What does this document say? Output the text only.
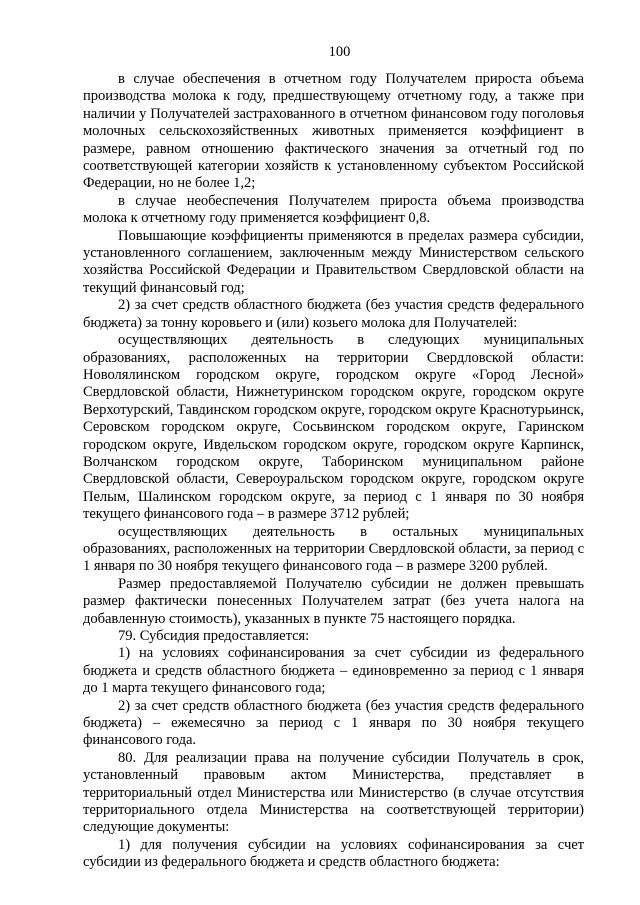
100

в случае обеспечения в отчетном году Получателем прироста объема производства молока к году, предшествующему отчетному году, а также при наличии у Получателей застрахованного в отчетном финансовом году поголовья молочных сельскохозяйственных животных применяется коэффициент в размере, равном отношению фактического значения за отчетный год по соответствующей категории хозяйств к установленному субъектом Российской Федерации, но не более 1,2;

в случае необеспечения Получателем прироста объема производства молока к отчетному году применяется коэффициент 0,8.

Повышающие коэффициенты применяются в пределах размера субсидии, установленного соглашением, заключенным между Министерством сельского хозяйства Российской Федерации и Правительством Свердловской области на текущий финансовый год;

2) за счет средств областного бюджета (без участия средств федерального бюджета) за тонну коровьего и (или) козьего молока для Получателей:

осуществляющих деятельность в следующих муниципальных образованиях, расположенных на территории Свердловской области: Новолялинском городском округе, городском округе «Город Лесной» Свердловской области, Нижнетуринском городском округе, городском округе Верхотурский, Тавдинском городском округе, городском округе Краснотурьинск, Серовском городском округе, Сосьвинском городском округе, Гаринском городском округе, Ивдельском городском округе, городском округе Карпинск, Волчанском городском округе, Таборинском муниципальном районе Свердловской области, Североуральском городском округе, городском округе Пелым, Шалинском городском округе, за период с 1 января по 30 ноября текущего финансового года – в размере 3712 рублей;

осуществляющих деятельность в остальных муниципальных образованиях, расположенных на территории Свердловской области, за период с 1 января по 30 ноября текущего финансового года – в размере 3200 рублей.

Размер предоставляемой Получателю субсидии не должен превышать размер фактически понесенных Получателем затрат (без учета налога на добавленную стоимость), указанных в пункте 75 настоящего порядка.

79. Субсидия предоставляется:

1) на условиях софинансирования за счет субсидии из федерального бюджета и средств областного бюджета – единовременно за период с 1 января до 1 марта текущего финансового года;

2) за счет средств областного бюджета (без участия средств федерального бюджета) – ежемесячно за период с 1 января по 30 ноября текущего финансового года.

80. Для реализации права на получение субсидии Получатель в срок, установленный правовым актом Министерства, представляет в территориальный отдел Министерства или Министерство (в случае отсутствия территориального отдела Министерства на соответствующей территории) следующие документы:

1) для получения субсидии на условиях софинансирования за счет субсидии из федерального бюджета и средств областного бюджета:
